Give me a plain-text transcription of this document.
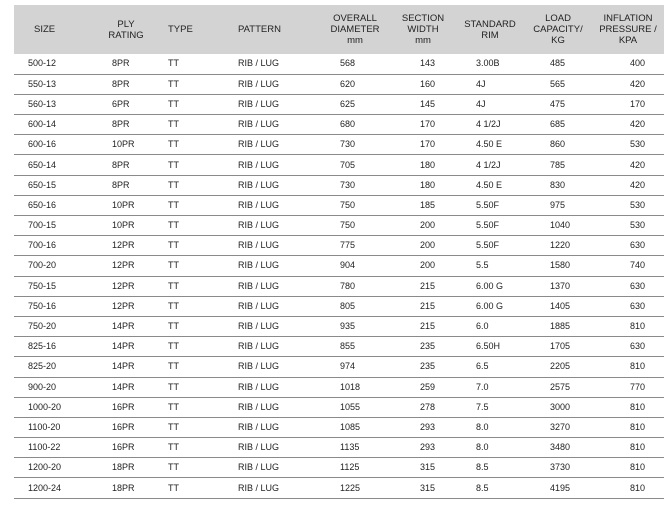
SIZE	PLY
RATING	TYPE	PATTERN	OVERALL
DIAMETER
mm	SECTION
WIDTH
mm	STANDARD
RIM	LOAD
CAPACITY/
KG	INFLATION
PRESSURE /
KPA
500-12	8PR	TT	RIB / LUG	568	143	3.00B	485	400
550-13	8PR	TT	RIB / LUG	620	160	4J	565	420
560-13	6PR	TT	RIB / LUG	625	145	4J	475	170
600-14	8PR	TT	RIB / LUG	680	170	4 1/2J	685	420
600-16	10PR	TT	RIB / LUG	730	170	4.50 E	860	530
650-14	8PR	TT	RIB / LUG	705	180	4 1/2J	785	420
650-15	8PR	TT	RIB / LUG	730	180	4.50 E	830	420
650-16	10PR	TT	RIB / LUG	750	185	5.50F	975	530
700-15	10PR	TT	RIB / LUG	750	200	5.50F	1040	530
700-16	12PR	TT	RIB / LUG	775	200	5.50F	1220	630
700-20	12PR	TT	RIB / LUG	904	200	5.5	1580	740
750-15	12PR	TT	RIB / LUG	780	215	6.00 G	1370	630
750-16	12PR	TT	RIB / LUG	805	215	6.00 G	1405	630
750-20	14PR	TT	RIB / LUG	935	215	6.0	1885	810
825-16	14PR	TT	RIB / LUG	855	235	6.50H	1705	630
825-20	14PR	TT	RIB / LUG	974	235	6.5	2205	810
900-20	14PR	TT	RIB / LUG	1018	259	7.0	2575	770
1000-20	16PR	TT	RIB / LUG	1055	278	7.5	3000	810
1100-20	16PR	TT	RIB / LUG	1085	293	8.0	3270	810
1100-22	16PR	TT	RIB / LUG	1135	293	8.0	3480	810
1200-20	18PR	TT	RIB / LUG	1125	315	8.5	3730	810
1200-24	18PR	TT	RIB / LUG	1225	315	8.5	4195	810
